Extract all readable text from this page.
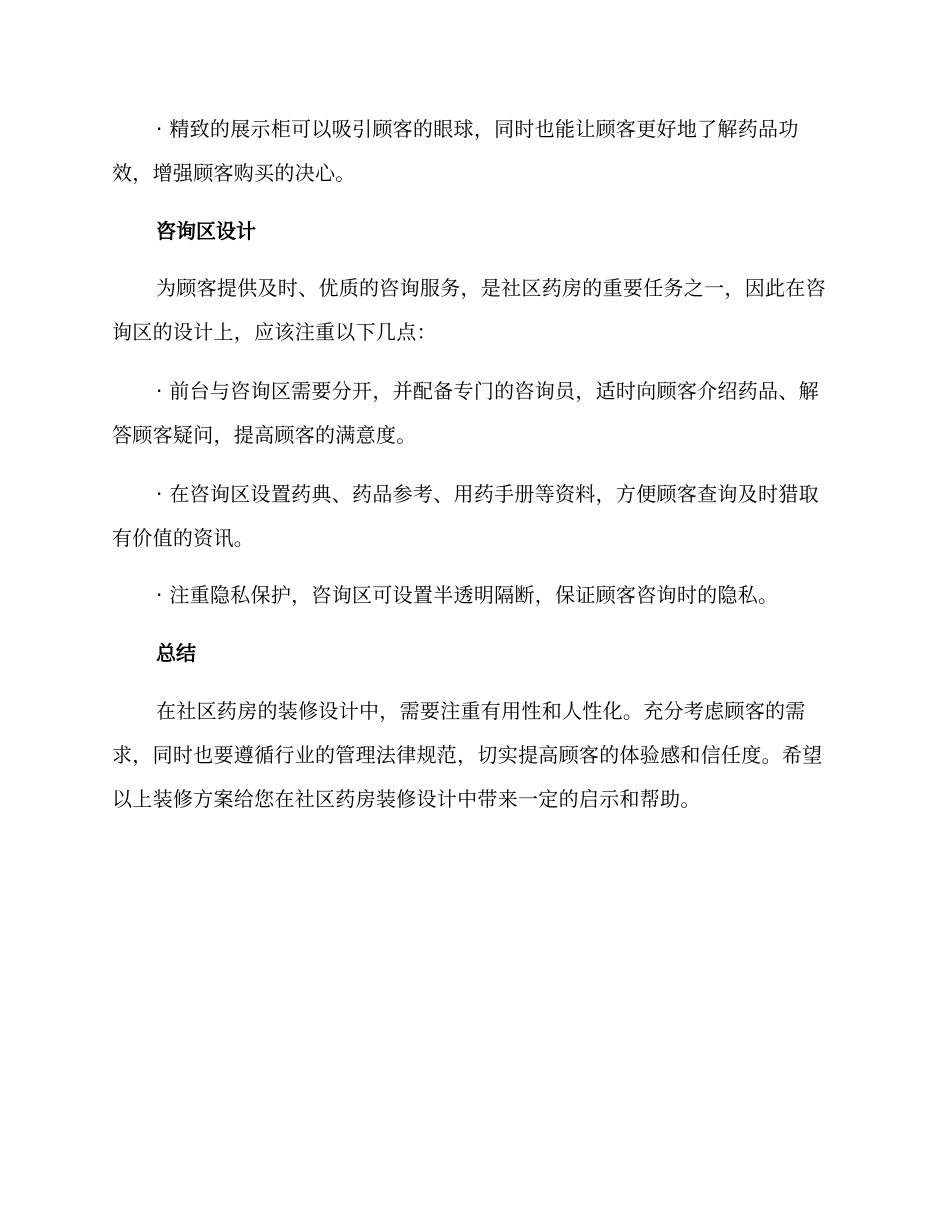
· 精致的展示柜可以吸引顾客的眼球，同时也能让顾客更好地了解药品功效，增强顾客购买的决心。

咨询区设计

为顾客提供及时、优质的咨询服务，是社区药房的重要任务之一，因此在咨询区的设计上，应该注重以下几点：

· 前台与咨询区需要分开，并配备专门的咨询员，适时向顾客介绍药品、解答顾客疑问，提高顾客的满意度。

· 在咨询区设置药典、药品参考、用药手册等资料，方便顾客查询及时猎取有价值的资讯。

· 注重隐私保护，咨询区可设置半透明隔断，保证顾客咨询时的隐私。

总结

在社区药房的装修设计中，需要注重有用性和人性化。充分考虑顾客的需求，同时也要遵循行业的管理法律规范，切实提高顾客的体验感和信任度。希望以上装修方案给您在社区药房装修设计中带来一定的启示和帮助。
